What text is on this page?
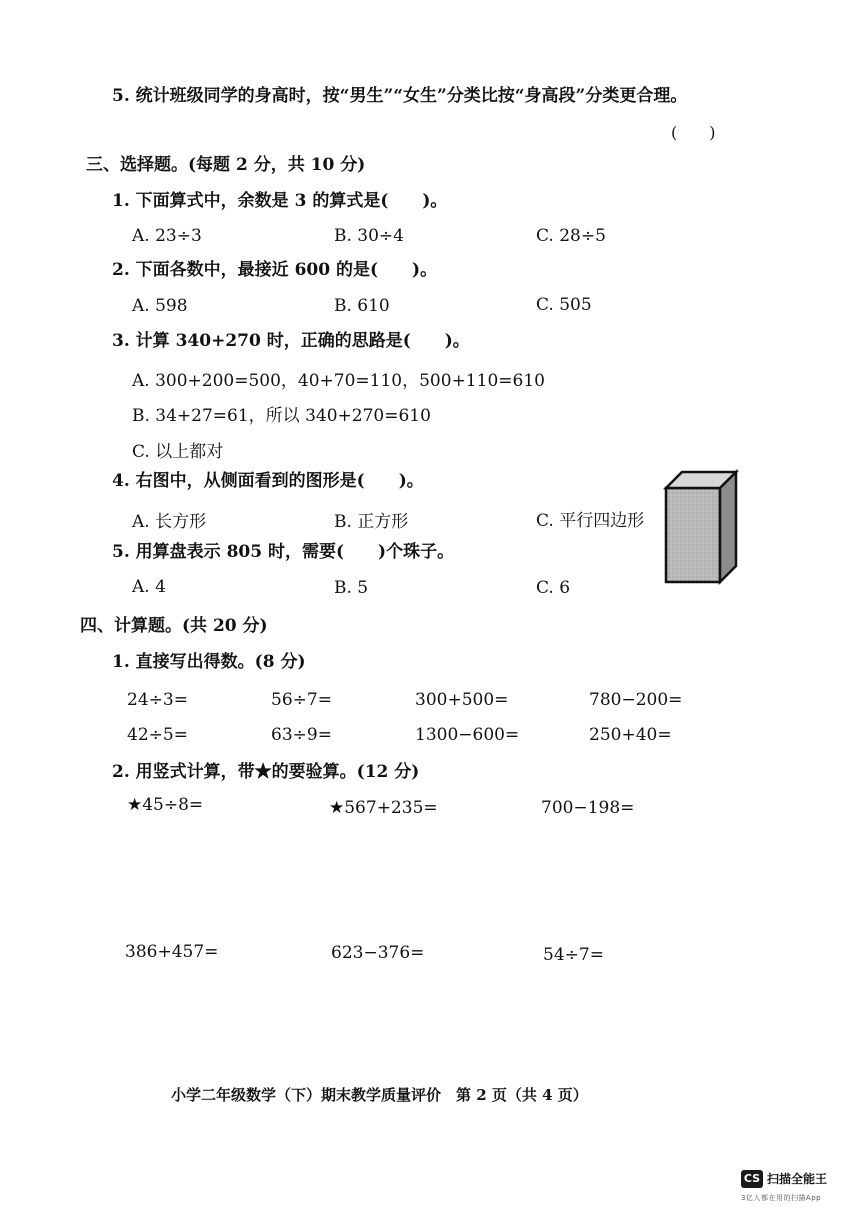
5. 统计班级同学的身高时，按“男生”“女生”分类比按“身高段”分类更合理。
(　　)
三、选择题。(每题 2 分，共 10 分)
1. 下面算式中，余数是 3 的算式是(　　)。
A. 23÷3	B. 30÷4	C. 28÷5
2. 下面各数中，最接近 600 的是(　　)。
A. 598	B. 610	C. 505
3. 计算 340+270 时，正确的思路是(　　)。
A. 300+200=500，40+70=110，500+110=610
B. 34+27=61，所以 340+270=610
C. 以上都对
4. 右图中，从侧面看到的图形是(　　)。
A. 长方形	B. 正方形	C. 平行四边形
5. 用算盘表示 805 时，需要(　　)个珠子。
A. 4	B. 5	C. 6
四、计算题。(共 20 分)
1. 直接写出得数。(8 分)
24÷3=	56÷7=	300+500=	780−200=
42÷5=	63÷9=	1300−600=	250+40=
2. 用竖式计算，带★的要验算。(12 分)
★45÷8=	★567+235=	700−198=
386+457=	623−376=	54÷7=
小学二年级数学（下）期末教学质量评价　第 2 页（共 4 页）
CS 扫描全能王
3亿人都在用的扫描App
